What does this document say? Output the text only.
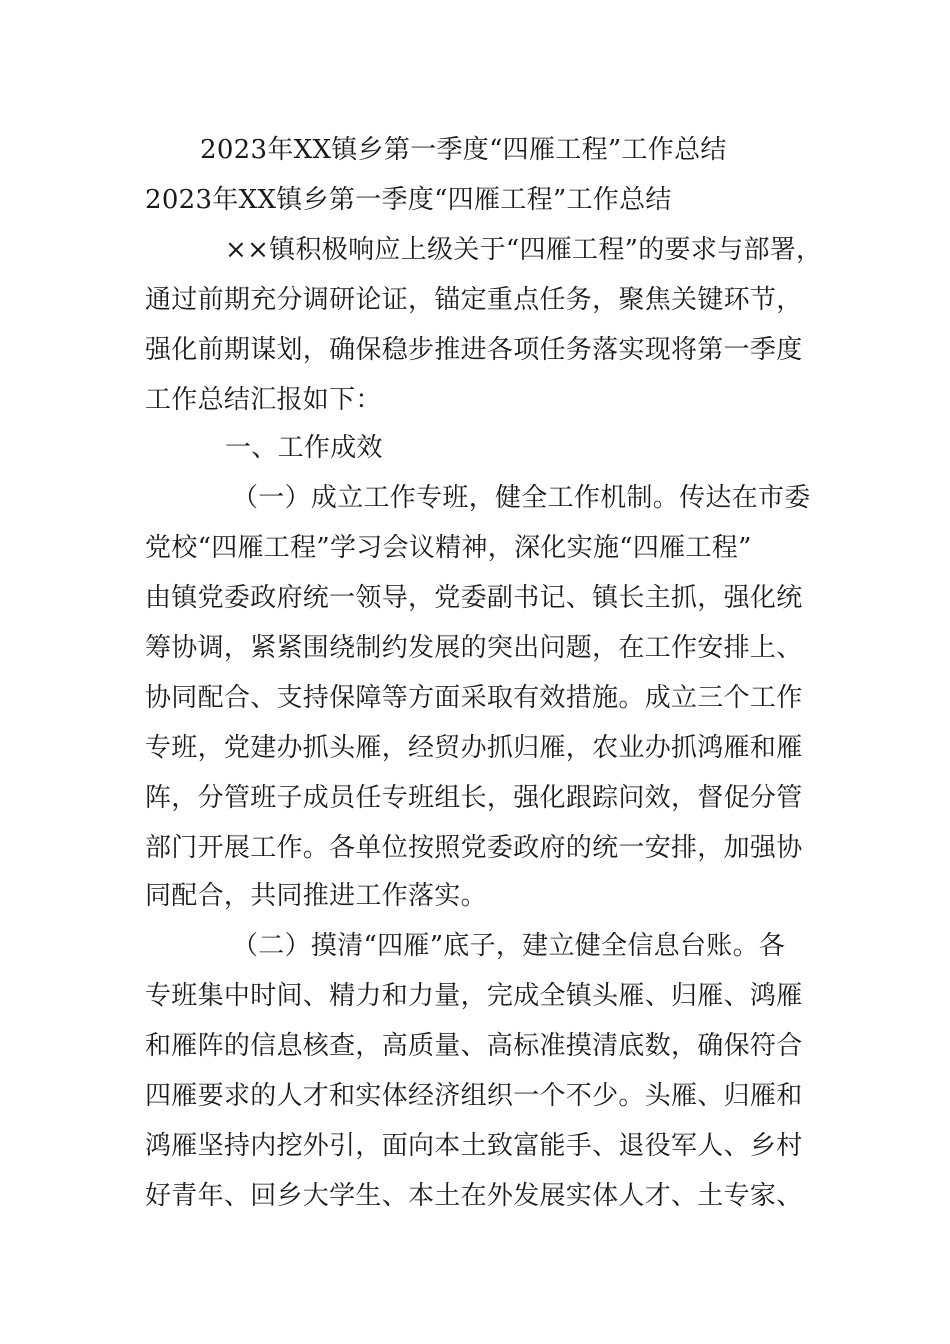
2023年XX镇乡第一季度“四雁工程”工作总结
2023年XX镇乡第一季度“四雁工程”工作总结
××镇积极响应上级关于“四雁工程”的要求与部署，
通过前期充分调研论证，锚定重点任务，聚焦关键环节，
强化前期谋划，确保稳步推进各项任务落实现将第一季度
工作总结汇报如下：
一、工作成效
（一）成立工作专班，健全工作机制。传达在市委
党校“四雁工程”学习会议精神，深化实施“四雁工程”
由镇党委政府统一领导，党委副书记、镇长主抓，强化统
筹协调，紧紧围绕制约发展的突出问题，在工作安排上、
协同配合、支持保障等方面采取有效措施。成立三个工作
专班，党建办抓头雁，经贸办抓归雁，农业办抓鸿雁和雁
阵，分管班子成员任专班组长，强化跟踪问效，督促分管
部门开展工作。各单位按照党委政府的统一安排，加强协
同配合，共同推进工作落实。
（二）摸清“四雁”底子，建立健全信息台账。各
专班集中时间、精力和力量，完成全镇头雁、归雁、鸿雁
和雁阵的信息核查，高质量、高标准摸清底数，确保符合
四雁要求的人才和实体经济组织一个不少。头雁、归雁和
鸿雁坚持内挖外引，面向本土致富能手、退役军人、乡村
好青年、回乡大学生、本土在外发展实体人才、土专家、
